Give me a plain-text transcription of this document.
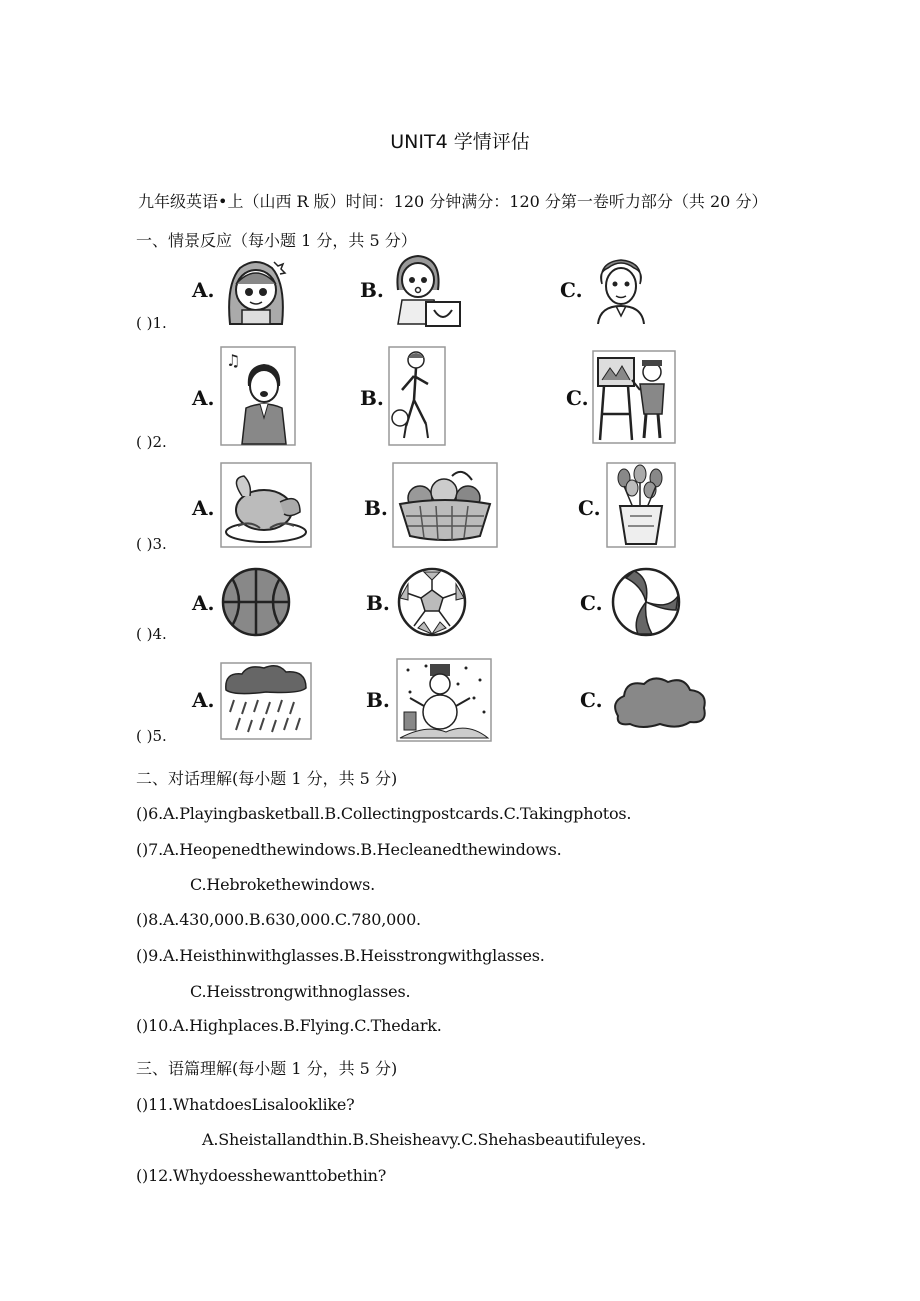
UNIT4 学情评估
九年级英语•上（山西 R 版）时间：120 分钟满分：120 分第一卷听力部分（共 20 分）
一、情景反应（每小题 1 分，共 5 分）
A.	B.	C.
( )1.
A.
♫
B.	C.
( )2.
A.	B.	C.
( )3.
A.	B.	C.
( )4.
A.	B.	C.
( )5.
二、对话理解(每小题 1 分，共 5 分)
()6.A.Playingbasketball.B.Collectingpostcards.C.Takingphotos.
()7.A.Heopenedthewindows.B.Hecleanedthewindows.
C.Hebrokethewindows.
()8.A.430,000.B.630,000.C.780,000.
()9.A.Heisthinwithglasses.B.Heisstrongwithglasses.
C.Heisstrongwithnoglasses.
()10.A.Highplaces.B.Flying.C.Thedark.
三、语篇理解(每小题 1 分，共 5 分)
()11.WhatdoesLisalooklike?
A.Sheistallandthin.B.Sheisheavy.C.Shehasbeautifuleyes.
()12.Whydoesshewanttobethin?
